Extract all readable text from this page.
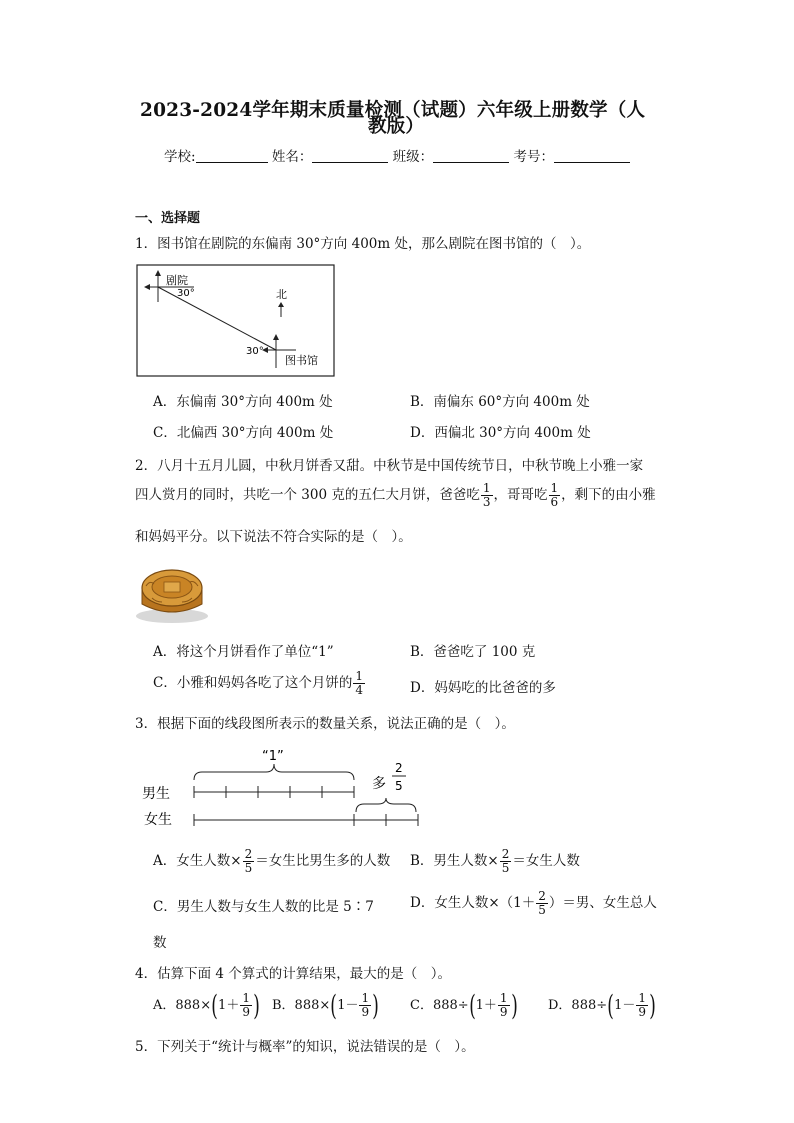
2023-2024学年期末质量检测（试题）六年级上册数学（人
教版）
学校:	姓名：	班级：	考号：
一、选择题
1．图书馆在剧院的东偏南 30°方向 400m 处，那么剧院在图书馆的（　）。
剧院
30°	北
30°
图书馆
A．东偏南 30°方向 400m 处	B．南偏东 60°方向 400m 处
C．北偏西 30°方向 400m 处	D．西偏北 30°方向 400m 处
2．八月十五月儿圆，中秋月饼香又甜。中秋节是中国传统节日，中秋节晚上小雅一家
四人赏月的同时，共吃一个 300 克的五仁大月饼，爸爸吃 $\frac{1}{3}$ ，哥哥吃 $\frac{1}{6}$ ，剩下的由小雅
和妈妈平分。以下说法不符合实际的是（　）。
A．将这个月饼看作了单位“1”	B．爸爸吃了 100 克
C．小雅和妈妈各吃了这个月饼的 $\frac{1}{4}$	D．妈妈吃的比爸爸的多
3．根据下面的线段图所表示的数量关系，说法正确的是（　）。
“1”
男生
女生
多
2
5
A．女生人数× $\frac{2}{5}$ ＝女生比男生多的人数 B．男生人数× $\frac{2}{5}$ ＝女生人数
C．男生人数与女生人数的比是 5∶7	D．女生人数$\times(1+ \frac{2}{5}$ ）＝男、女生总人
数
4．估算下面 4 个算式的计算结果，最大的是（　）。
A．$888\times(1+ \frac{1}{9}$ ) B．$888\times(1- \frac{1}{9}$ ) C．$888\div(1+ \frac{1}{9}$ ) D．$888\div(1- \frac{1}{9}$ )
5．下列关于“统计与概率”的知识，说法错误的是（　）。
